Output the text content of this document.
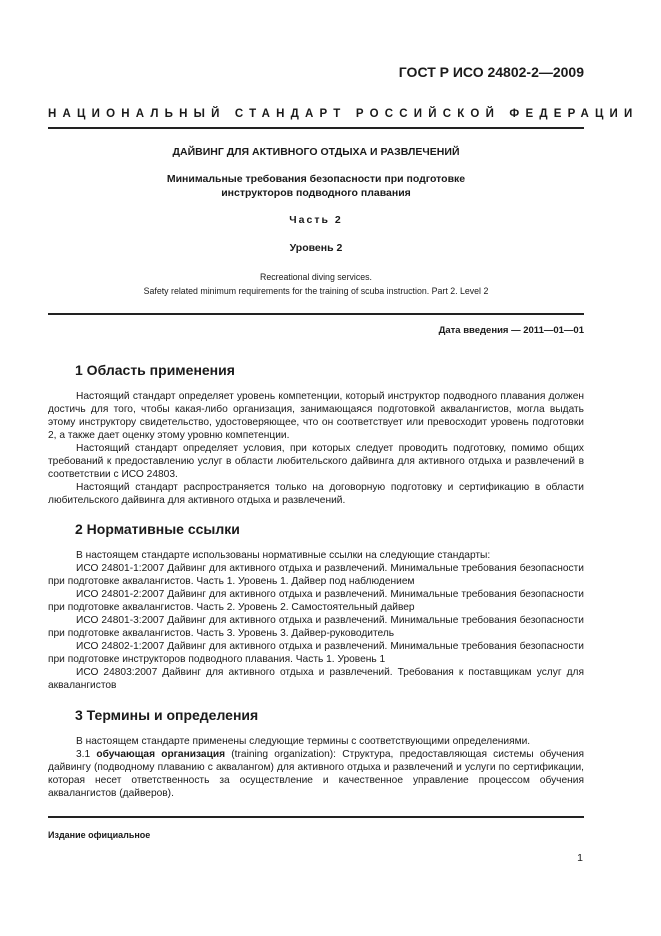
ГОСТ Р ИСО 24802-2—2009
НАЦИОНАЛЬНЫЙ СТАНДАРТ РОССИЙСКОЙ ФЕДЕРАЦИИ
ДАЙВИНГ ДЛЯ АКТИВНОГО ОТДЫХА И РАЗВЛЕЧЕНИЙ
Минимальные требования безопасности при подготовке
инструкторов подводного плавания
Часть 2
Уровень 2
Recreational diving services.
Safety related minimum requirements for the training of scuba instruction. Part 2. Level 2
Дата введения — 2011—01—01
1 Область применения

Настоящий стандарт определяет уровень компетенции, который инструктор подводного плавания должен достичь для того, чтобы какая-либо организация, занимающаяся подготовкой аквалангистов, могла выдать этому инструктору свидетельство, удостоверяющее, что он соответствует или превосходит уровень подготовки 2, а также дает оценку этому уровню компетенции.

Настоящий стандарт определяет условия, при которых следует проводить подготовку, помимо общих требований к предоставлению услуг в области любительского дайвинга для активного отдыха и развлечений в соответствии с ИСО 24803.

Настоящий стандарт распространяется только на договорную подготовку и сертификацию в области любительского дайвинга для активного отдыха и развлечений.

2 Нормативные ссылки

В настоящем стандарте использованы нормативные ссылки на следующие стандарты:

ИСО 24801-1:2007 Дайвинг для активного отдыха и развлечений. Минимальные требования безопасности при подготовке аквалангистов. Часть 1. Уровень 1. Дайвер под наблюдением

ИСО 24801-2:2007 Дайвинг для активного отдыха и развлечений. Минимальные требования безопасности при подготовке аквалангистов. Часть 2. Уровень 2. Самостоятельный дайвер

ИСО 24801-3:2007 Дайвинг для активного отдыха и развлечений. Минимальные требования безопасности при подготовке аквалангистов. Часть 3. Уровень 3. Дайвер-руководитель

ИСО 24802-1:2007 Дайвинг для активного отдыха и развлечений. Минимальные требования безопасности при подготовке инструкторов подводного плавания. Часть 1. Уровень 1

ИСО 24803:2007 Дайвинг для активного отдыха и развлечений. Требования к поставщикам услуг для аквалангистов

3 Термины и определения

В настоящем стандарте применены следующие термины с соответствующими определениями.

3.1 обучающая организация (training organization): Структура, предоставляющая системы обучения дайвингу (подводному плаванию с аквалангом) для активного отдыха и развлечений и услуги по сертификации, которая несет ответственность за осуществление и качественное управление процессом обучения аквалангистов (дайверов).

Издание официальное
1
